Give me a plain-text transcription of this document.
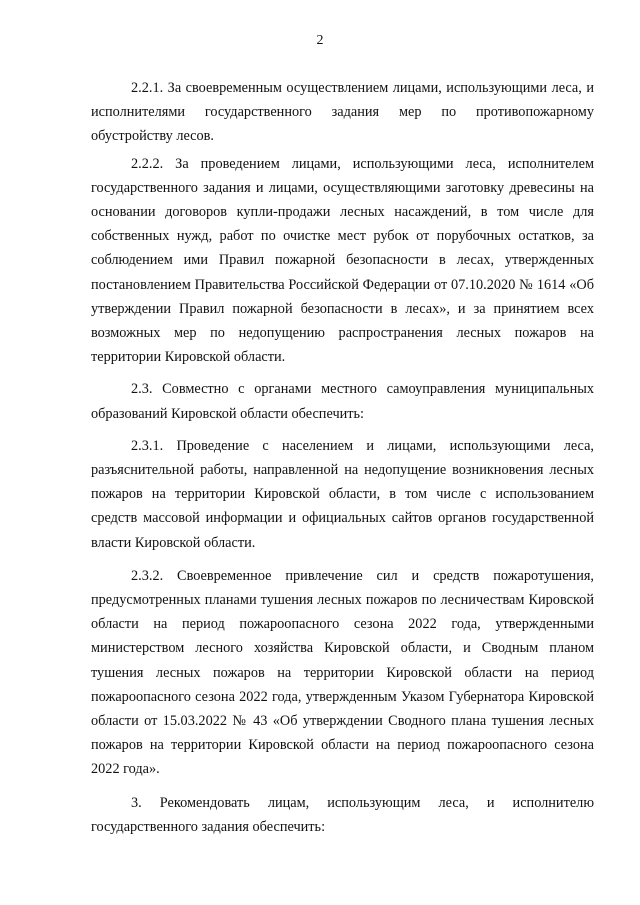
2

2.2.1. За своевременным осуществлением лицами, использующими леса, и исполнителями государственного задания мер по противопожарному обустройству лесов.

2.2.2. За проведением лицами, использующими леса, исполнителем государственного задания и лицами, осуществляющими заготовку древесины на основании договоров купли-продажи лесных насаждений, в том числе для собственных нужд, работ по очистке мест рубок от порубочных остатков, за соблюдением ими Правил пожарной безопасности в лесах, утвержденных постановлением Правительства Российской Федерации от 07.10.2020 № 1614 «Об утверждении Правил пожарной безопасности в лесах», и за принятием всех возможных мер по недопущению распространения лесных пожаров на территории Кировской области.

2.3. Совместно с органами местного самоуправления муниципальных образований Кировской области обеспечить:

2.3.1. Проведение с населением и лицами, использующими леса, разъяснительной работы, направленной на недопущение возникновения лесных пожаров на территории Кировской области, в том числе с использованием средств массовой информации и официальных сайтов органов государственной власти Кировской области.

2.3.2. Своевременное привлечение сил и средств пожаротушения, предусмотренных планами тушения лесных пожаров по лесничествам Кировской области на период пожароопасного сезона 2022 года, утвержденными министерством лесного хозяйства Кировской области, и Сводным планом тушения лесных пожаров на территории Кировской области на период пожароопасного сезона 2022 года, утвержденным Указом Губернатора Кировской области от 15.03.2022 № 43 «Об утверждении Сводного плана тушения лесных пожаров на территории Кировской области на период пожароопасного сезона 2022 года».

3. Рекомендовать лицам, использующим леса, и исполнителю государственного задания обеспечить:
